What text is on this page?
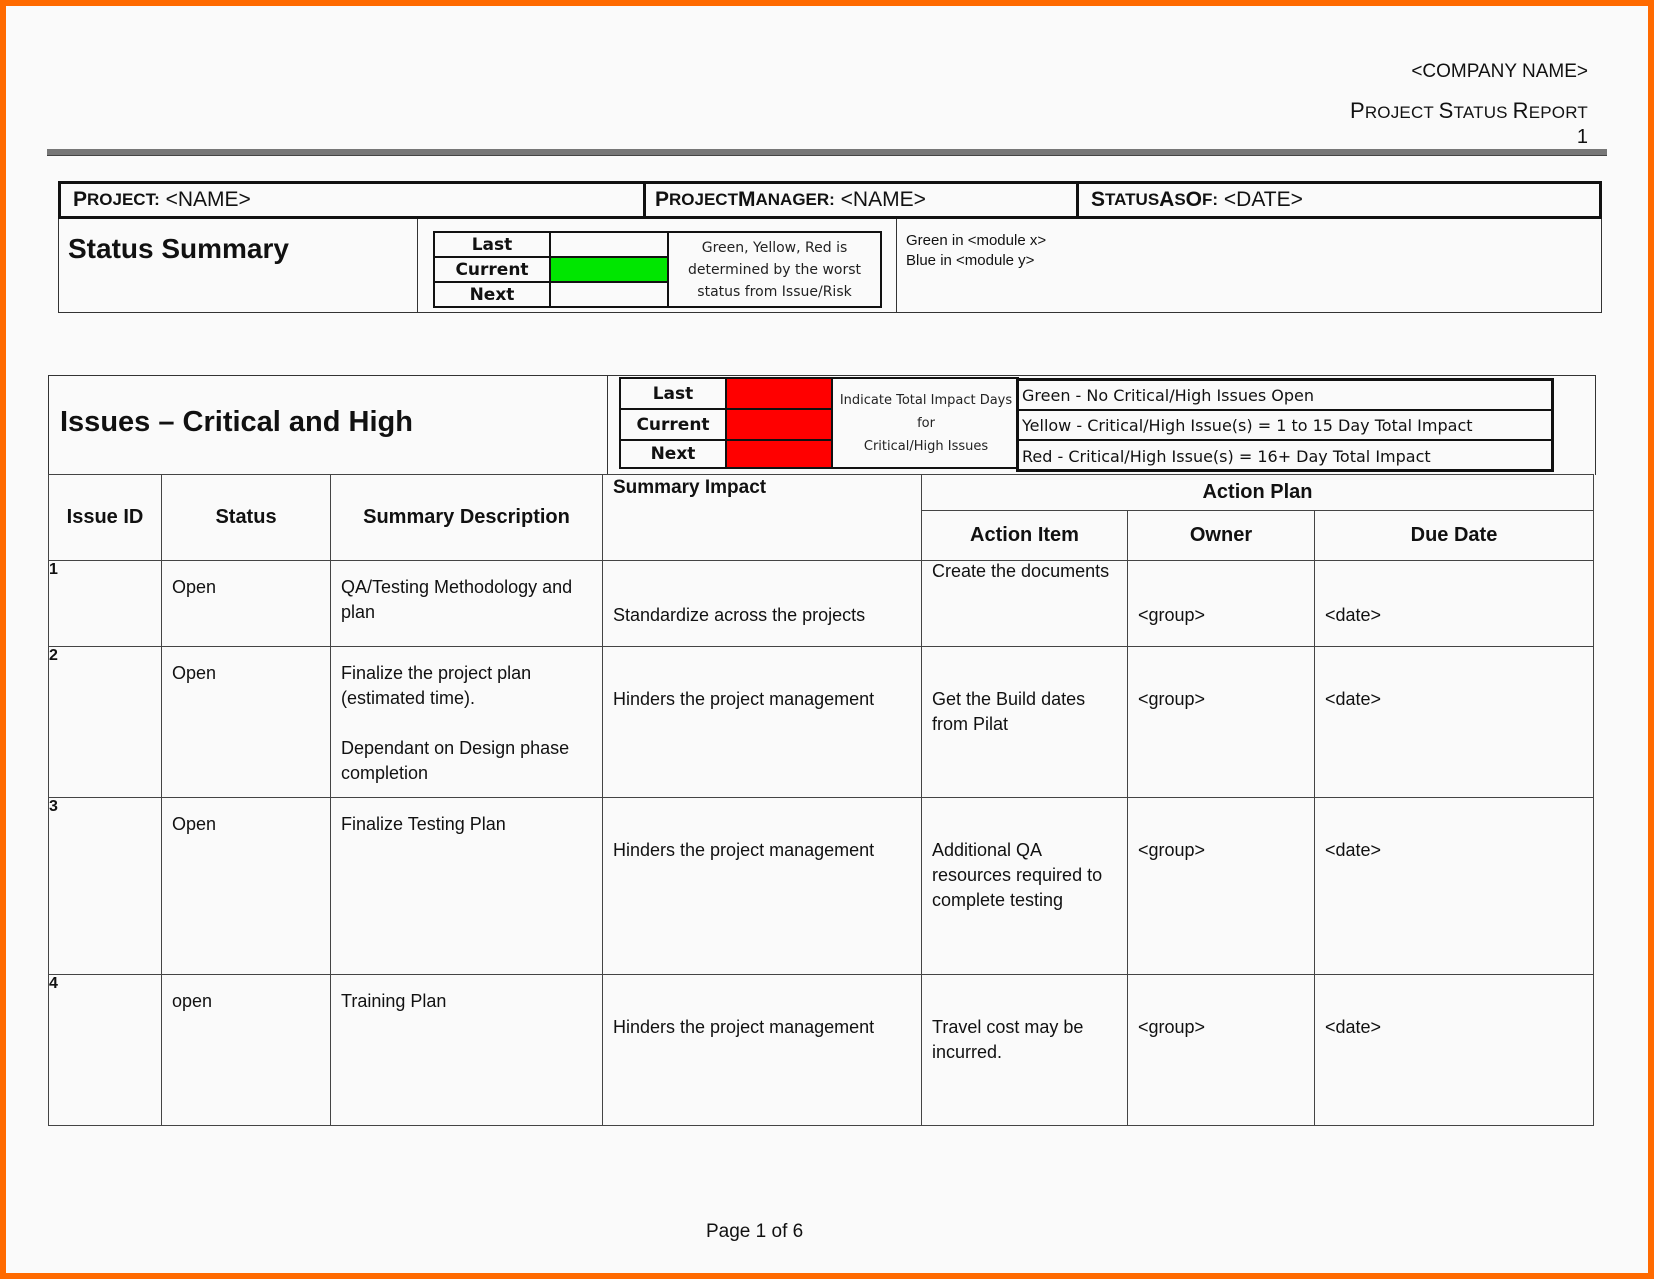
<COMPANY NAME>
PROJECT STATUS REPORT
1
P ROJECT:
<NAME>	P ROJECT M ANAGER:
<NAME>	S TATUS A S O F:
<DATE>
Status Summary	Last		Green, Yellow, Red is
determined by the worst
status from Issue/Risk

Current		
Next		
Green in <module x>
Blue in <module y>
Issues – Critical and High
Last		Indicate Total Impact Days for
Critical/High Issues

Current		
Next		
Green - No Critical/High Issues Open
Yellow - Critical/High Issue(s) = 1 to 15 Day Total Impact
Red - Critical/High Issue(s) = 16+ Day Total Impact
Issue ID	Status	Summary Description	Summary Impact	Action Plan		
				Action Item	Owner	Due Date
1	Open	QA/Testing Methodology and plan	Standardize across the projects	Create the documents	<group>	<date>

2	Open	Finalize the project plan (estimated time).
Dependant on Design phase completion	Hinders the project management	Get the Build dates from Pilat	<group>	<date>

3	Open	Finalize Testing Plan	Hinders the project management	Additional QA resources required to complete testing	<group>	<date>

4	open	Training Plan	Hinders the project management	Travel cost may be incurred.	<group>	<date>
Page 1 of 6
